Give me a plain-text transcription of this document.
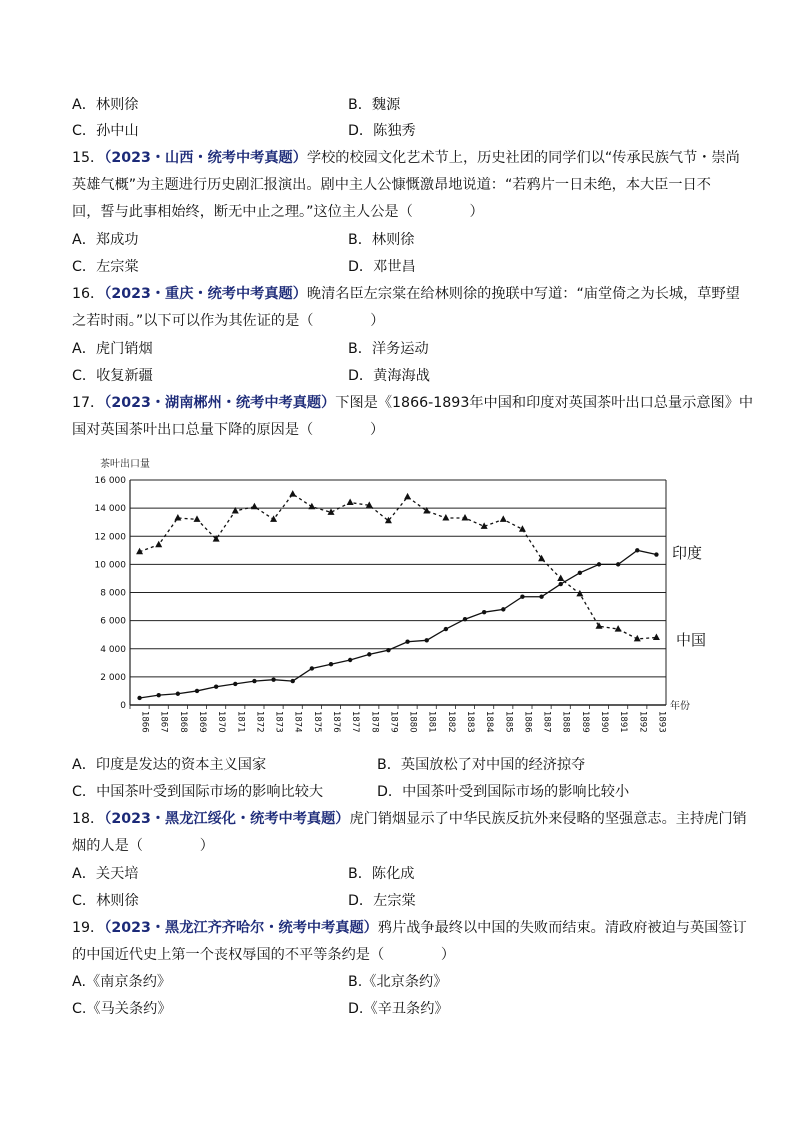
A．林则徐	B．魏源
C．孙中山	D．陈独秀
15．（2023・山西・统考中考真题）学校的校园文化艺术节上，历史社团的同学们以“传承民族气节・崇尚
英雄气概”为主题进行历史剧汇报演出。剧中主人公慷慨激昂地说道：“若鸦片一日未绝，本大臣一日不
回，誓与此事相始终，断无中止之理。”这位主人公是（　　　　）
A．郑成功	B．林则徐
C．左宗棠	D．邓世昌
16．（2023・重庆・统考中考真题）晚清名臣左宗棠在给林则徐的挽联中写道：“庙堂倚之为长城，草野望
之若时雨。”以下可以作为其佐证的是（　　　　）
A．虎门销烟	B．洋务运动
C．收复新疆	D．黄海海战
17．（2023・湖南郴州・统考中考真题）下图是《1866-1893年中国和印度对英国茶叶出口总量示意图》中
国对英国茶叶出口总量下降的原因是（　　　　）
0
2 000
4 000
6 000
8 000
10 000
12 000
14 000
16 000
1866 1867 1868 1869 1870 1871 1872 1873 1874 1875 1876 1877 1878 1879 1880 1881 1882 1883 1884 1885 1886 1887 1888 1889 1890 1891 1892 1893
茶叶出口量
年份
印度
中国
A．印度是发达的资本主义国家	B．英国放松了对中国的经济掠夺
C．中国茶叶受到国际市场的影响比较大	D．中国茶叶受到国际市场的影响比较小
18．（2023・黑龙江绥化・统考中考真题）虎门销烟显示了中华民族反抗外来侵略的坚强意志。主持虎门销
烟的人是（　　　　）
A．关天培	B．陈化成
C．林则徐	D．左宗棠
19．（2023・黑龙江齐齐哈尔・统考中考真题）鸦片战争最终以中国的失败而结束。清政府被迫与英国签订
的中国近代史上第一个丧权辱国的不平等条约是（　　　　）
A.《南京条约》	B.《北京条约》
C.《马关条约》	D.《辛丑条约》
